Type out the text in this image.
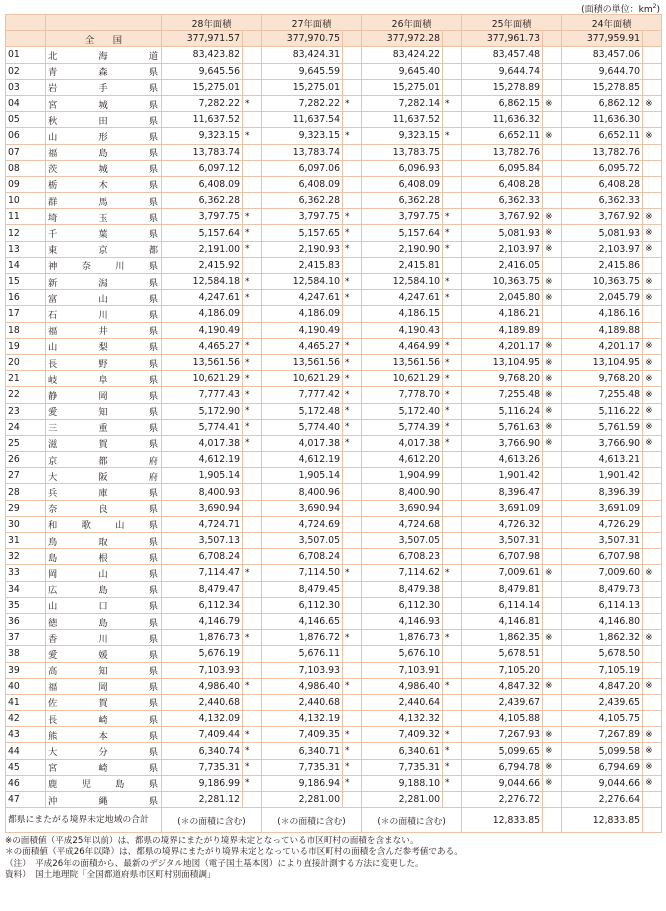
(面積の単位：$km^2$)
		28年面積		27年面積		26年面積		25年面積		24年面積	
	全　　国	377,971.57		377,970.75		377,972.28		377,961.73		377,959.91	
01	北海道	83,423.82		83,424.31		83,424.22		83,457.48		83,457.06	
02	青森県	9,645.56		9,645.59		9,645.40		9,644.74		9,644.70	
03	岩手県	15,275.01		15,275.01		15,275.01		15,278.89		15,278.85	
04	宮城県	7,282.22	*	7,282.22	*	7,282.14	*	6,862.15	※	6,862.12	※
05	秋田県	11,637.52		11,637.54		11,637.52		11,636.32		11,636.30	
06	山形県	9,323.15	*	9,323.15	*	9,323.15	*	6,652.11	※	6,652.11	※
07	福島県	13,783.74		13,783.74		13,783.75		13,782.76		13,782.76	
08	茨城県	6,097.12		6,097.06		6,096.93		6,095.84		6,095.72	
09	栃木県	6,408.09		6,408.09		6,408.09		6,408.28		6,408.28	
10	群馬県	6,362.28		6,362.28		6,362.28		6,362.33		6,362.33	
11	埼玉県	3,797.75	*	3,797.75	*	3,797.75	*	3,767.92	※	3,767.92	※
12	千葉県	5,157.64	*	5,157.65	*	5,157.64	*	5,081.93	※	5,081.93	※
13	東京都	2,191.00	*	2,190.93	*	2,190.90	*	2,103.97	※	2,103.97	※
14	神奈川県	2,415.92		2,415.83		2,415.81		2,416.05		2,415.86	
15	新潟県	12,584.18	*	12,584.10	*	12,584.10	*	10,363.75	※	10,363.75	※
16	富山県	4,247.61	*	4,247.61	*	4,247.61	*	2,045.80	※	2,045.79	※
17	石川県	4,186.09		4,186.09		4,186.15		4,186.21		4,186.16	
18	福井県	4,190.49		4,190.49		4,190.43		4,189.89		4,189.88	
19	山梨県	4,465.27	*	4,465.27	*	4,464.99	*	4,201.17	※	4,201.17	※
20	長野県	13,561.56	*	13,561.56	*	13,561.56	*	13,104.95	※	13,104.95	※
21	岐阜県	10,621.29	*	10,621.29	*	10,621.29	*	9,768.20	※	9,768.20	※
22	静岡県	7,777.43	*	7,777.42	*	7,778.70	*	7,255.48	※	7,255.48	※
23	愛知県	5,172.90	*	5,172.48	*	5,172.40	*	5,116.24	※	5,116.22	※
24	三重県	5,774.41	*	5,774.40	*	5,774.39	*	5,761.63	※	5,761.59	※
25	滋賀県	4,017.38	*	4,017.38	*	4,017.38	*	3,766.90	※	3,766.90	※
26	京都府	4,612.19		4,612.19		4,612.20		4,613.26		4,613.21	
27	大阪府	1,905.14		1,905.14		1,904.99		1,901.42		1,901.42	
28	兵庫県	8,400.93		8,400.96		8,400.90		8,396.47		8,396.39	
29	奈良県	3,690.94		3,690.94		3,690.94		3,691.09		3,691.09	
30	和歌山県	4,724.71		4,724.69		4,724.68		4,726.32		4,726.29	
31	鳥取県	3,507.13		3,507.05		3,507.05		3,507.31		3,507.31	
32	島根県	6,708.24		6,708.24		6,708.23		6,707.98		6,707.98	
33	岡山県	7,114.47	*	7,114.50	*	7,114.62	*	7,009.61	※	7,009.60	※
34	広島県	8,479.47		8,479.45		8,479.38		8,479.81		8,479.73	
35	山口県	6,112.34		6,112.30		6,112.30		6,114.14		6,114.13	
36	徳島県	4,146.79		4,146.65		4,146.93		4,146.81		4,146.80	
37	香川県	1,876.73	*	1,876.72	*	1,876.73	*	1,862.35	※	1,862.32	※
38	愛媛県	5,676.19		5,676.11		5,676.10		5,678.51		5,678.50	
39	高知県	7,103.93		7,103.93		7,103.91		7,105.20		7,105.19	
40	福岡県	4,986.40	*	4,986.40	*	4,986.40	*	4,847.32	※	4,847.20	※
41	佐賀県	2,440.68		2,440.68		2,440.64		2,439.67		2,439.65	
42	長崎県	4,132.09		4,132.19		4,132.32		4,105.88		4,105.75	
43	熊本県	7,409.44	*	7,409.35	*	7,409.32	*	7,267.93	※	7,267.89	※
44	大分県	6,340.74	*	6,340.71	*	6,340.61	*	5,099.65	※	5,099.58	※
45	宮崎県	7,735.31	*	7,735.31	*	7,735.31	*	6,794.78	※	6,794.69	※
46	鹿児島県	9,186.99	*	9,186.94	*	9,188.10	*	9,044.66	※	9,044.66	※
47	沖縄県	2,281.12		2,281.00		2,281.00		2,276.72		2,276.64	
都県にまたがる境界未定地域の合計		(＊の面積に含む)		(＊の面積に含む)		(＊の面積に含む)		12,833.85		12,833.85	
※の面積値（平成25年以前）は、都県の境界にまたがり境界未定となっている市区町村の面積を含まない。
＊の面積値（平成26年以降）は、都県の境界にまたがり境界未定となっている市区町村の面積を含んだ参考値である。
（注）　平成26年の面積から、最新のデジタル地図（電子国土基本図）により直接計測する方法に変更した。
資料）　国土地理院「全国都道府県市区町村別面積調」
